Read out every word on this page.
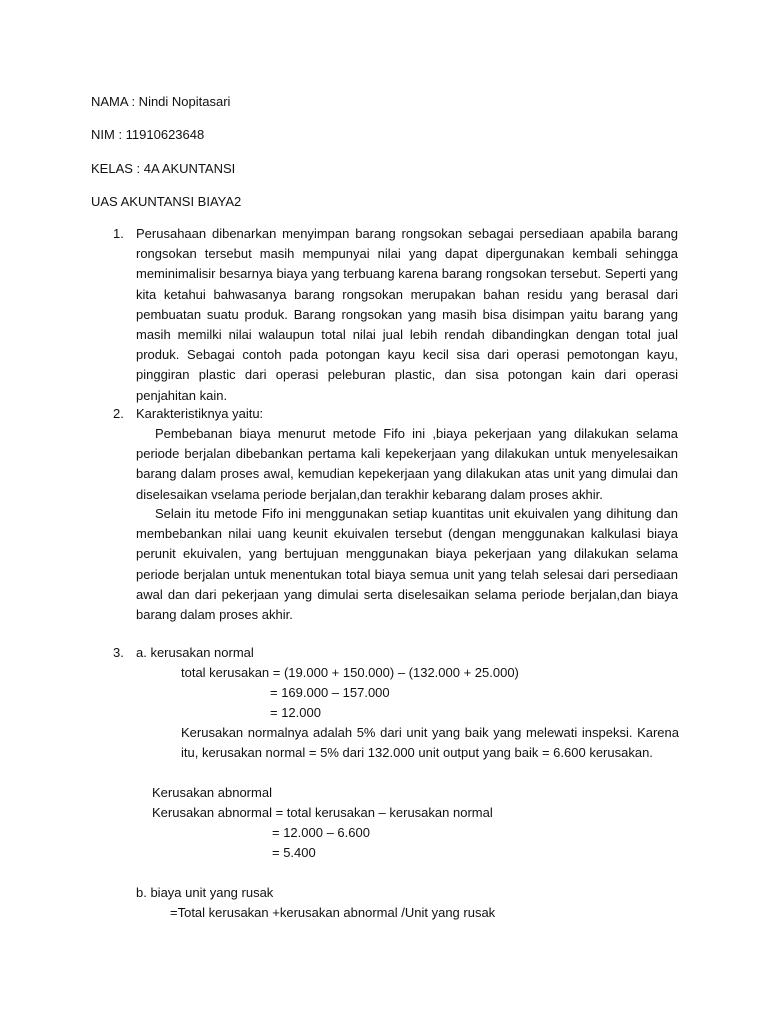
NAMA : Nindi Nopitasari
NIM : 11910623648
KELAS : 4A AKUNTANSI
UAS AKUNTANSI BIAYA2
1. Perusahaan dibenarkan menyimpan barang rongsokan sebagai persediaan apabila barang rongsokan tersebut masih mempunyai nilai yang dapat dipergunakan kembali sehingga meminimalisir besarnya biaya yang terbuang karena barang rongsokan tersebut. Seperti yang kita ketahui bahwasanya barang rongsokan merupakan bahan residu yang berasal dari pembuatan suatu produk. Barang rongsokan yang masih bisa disimpan yaitu barang yang masih memilki nilai walaupun total nilai jual lebih rendah dibandingkan dengan total jual produk. Sebagai contoh pada potongan kayu kecil sisa dari operasi pemotongan kayu, pinggiran plastic dari operasi peleburan plastic, dan sisa potongan kain dari operasi penjahitan kain.
2. Karakteristiknya yaitu:
Pembebanan biaya menurut metode Fifo ini ,biaya pekerjaan yang dilakukan selama periode berjalan dibebankan pertama kali kepekerjaan yang dilakukan untuk menyelesaikan barang dalam proses awal, kemudian kepekerjaan yang dilakukan atas unit yang dimulai dan diselesaikan vselama periode berjalan,dan terakhir kebarang dalam proses akhir.
Selain itu metode Fifo ini menggunakan setiap kuantitas unit ekuivalen yang dihitung dan membebankan nilai uang keunit ekuivalen tersebut (dengan menggunakan kalkulasi biaya perunit ekuivalen, yang bertujuan menggunakan biaya pekerjaan yang dilakukan selama periode berjalan untuk menentukan total biaya semua unit yang telah selesai dari persediaan awal dan dari pekerjaan yang dimulai serta diselesaikan selama periode berjalan,dan biaya barang dalam proses akhir.
3. a. kerusakan normal
total kerusakan = (19.000 + 150.000) – (132.000 + 25.000)
= 169.000 – 157.000
= 12.000
Kerusakan normalnya adalah 5% dari unit yang baik yang melewati inspeksi. Karena itu, kerusakan normal = 5% dari 132.000 unit output yang baik = 6.600 kerusakan.
Kerusakan abnormal
Kerusakan abnormal = total kerusakan – kerusakan normal
= 12.000 – 6.600
= 5.400
b. biaya unit yang rusak
=Total kerusakan +kerusakan abnormal /Unit yang rusak
